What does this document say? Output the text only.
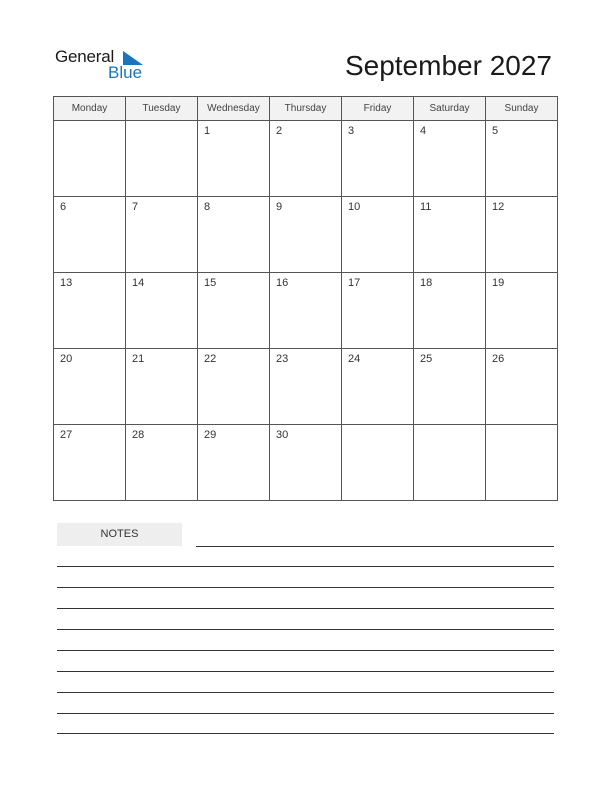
General
Blue	September 2027
Monday	Tuesday	Wednesday	Thursday	Friday	Saturday	Sunday

		1	2	3	4	5

6	7	8	9	10	11	12

13	14	15	16	17	18	19

20	21	22	23	24	25	26

27	28	29	30			

NOTES
